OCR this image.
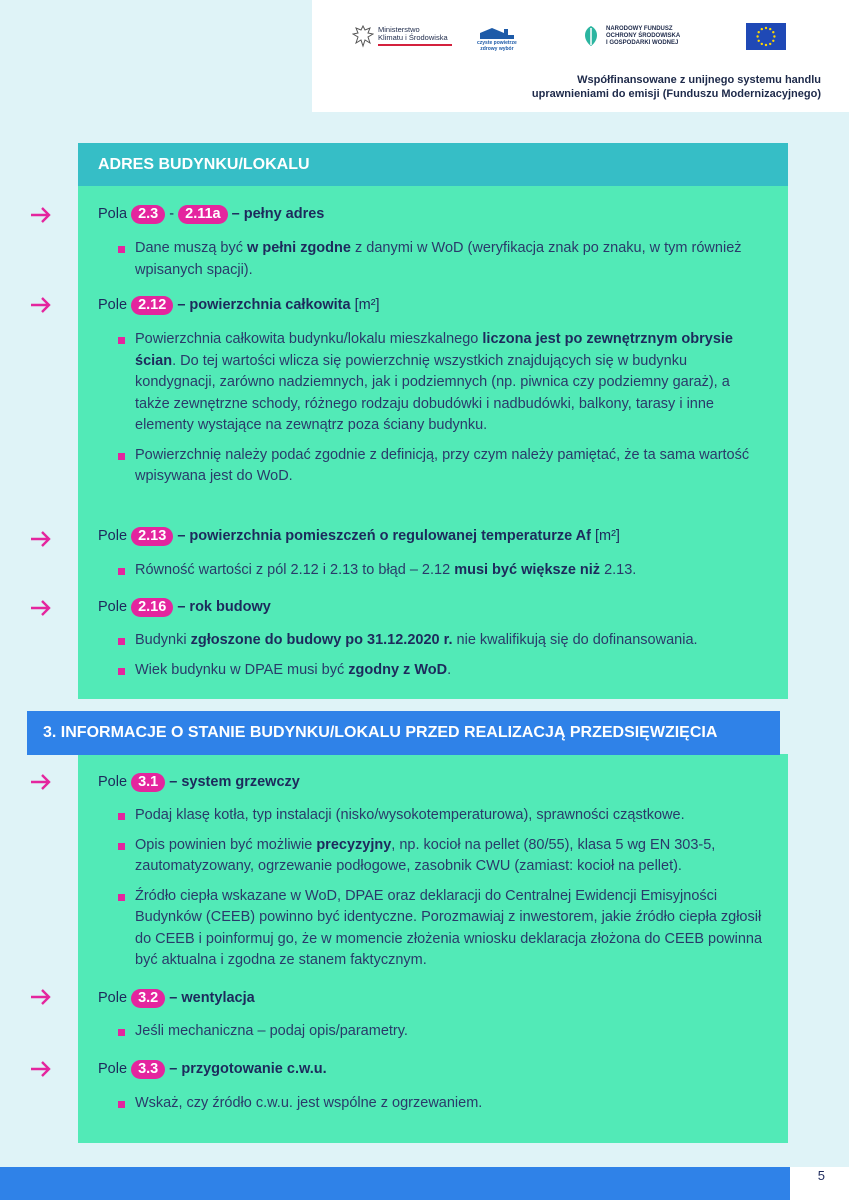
Ministerstwo
Klimatu i Środowiska
czyste powietrze
zdrowy wybór
NARODOWY FUNDUSZ
OCHRONY ŚRODOWISKA
I GOSPODARKI WODNEJ
Współfinansowane z unijnego systemu handlu
uprawnieniami do emisji (Funduszu Modernizacyjnego)
ADRES BUDYNKU/LOKALU
Pola 2.3 - 2.11a – pełny adres
Dane muszą być w pełni zgodne z danymi w WoD (weryfikacja znak po znaku, w tym również wpisanych spacji).
Pole 2.12 – powierzchnia całkowita [m²]
Powierzchnia całkowita budynku/lokalu mieszkalnego liczona jest po zewnętrznym obrysie ścian. Do tej wartości wlicza się powierzchnię wszystkich znajdujących się w budynku kondygnacji, zarówno nadziemnych, jak i podziemnych (np. piwnica czy podziemny garaż), a także zewnętrzne schody, różnego rodzaju dobudówki i nadbudówki, balkony, tarasy i inne elementy wystające na zewnątrz poza ściany budynku.
Powierzchnię należy podać zgodnie z definicją, przy czym należy pamiętać, że ta sama wartość wpisywana jest do WoD.
Pole 2.13 – powierzchnia pomieszczeń o regulowanej temperaturze Af [m²]
Równość wartości z pól 2.12 i 2.13 to błąd – 2.12 musi być większe niż 2.13.
Pole 2.16 – rok budowy
Budynki zgłoszone do budowy po 31.12.2020 r. nie kwalifikują się do dofinansowania.
Wiek budynku w DPAE musi być zgodny z WoD.
3. INFORMACJE O STANIE BUDYNKU/LOKALU PRZED REALIZACJĄ PRZEDSIĘWZIĘCIA
Pole 3.1 – system grzewczy
Podaj klasę kotła, typ instalacji (nisko/wysokotemperaturowa), sprawności cząstkowe.
Opis powinien być możliwie precyzyjny, np. kocioł na pellet (80/55), klasa 5 wg EN 303-5, zautomatyzowany, ogrzewanie podłogowe, zasobnik CWU (zamiast: kocioł na pellet).
Źródło ciepła wskazane w WoD, DPAE oraz deklaracji do Centralnej Ewidencji Emisyjności Budynków (CEEB) powinno być identyczne. Porozmawiaj z inwestorem, jakie źródło ciepła zgłosił do CEEB i poinformuj go, że w momencie złożenia wniosku deklaracja złożona do CEEB powinna być aktualna i zgodna ze stanem faktycznym.
Pole 3.2 – wentylacja
Jeśli mechaniczna – podaj opis/parametry.
Pole 3.3 – przygotowanie c.w.u.
Wskaż, czy źródło c.w.u. jest wspólne z ogrzewaniem.
5
